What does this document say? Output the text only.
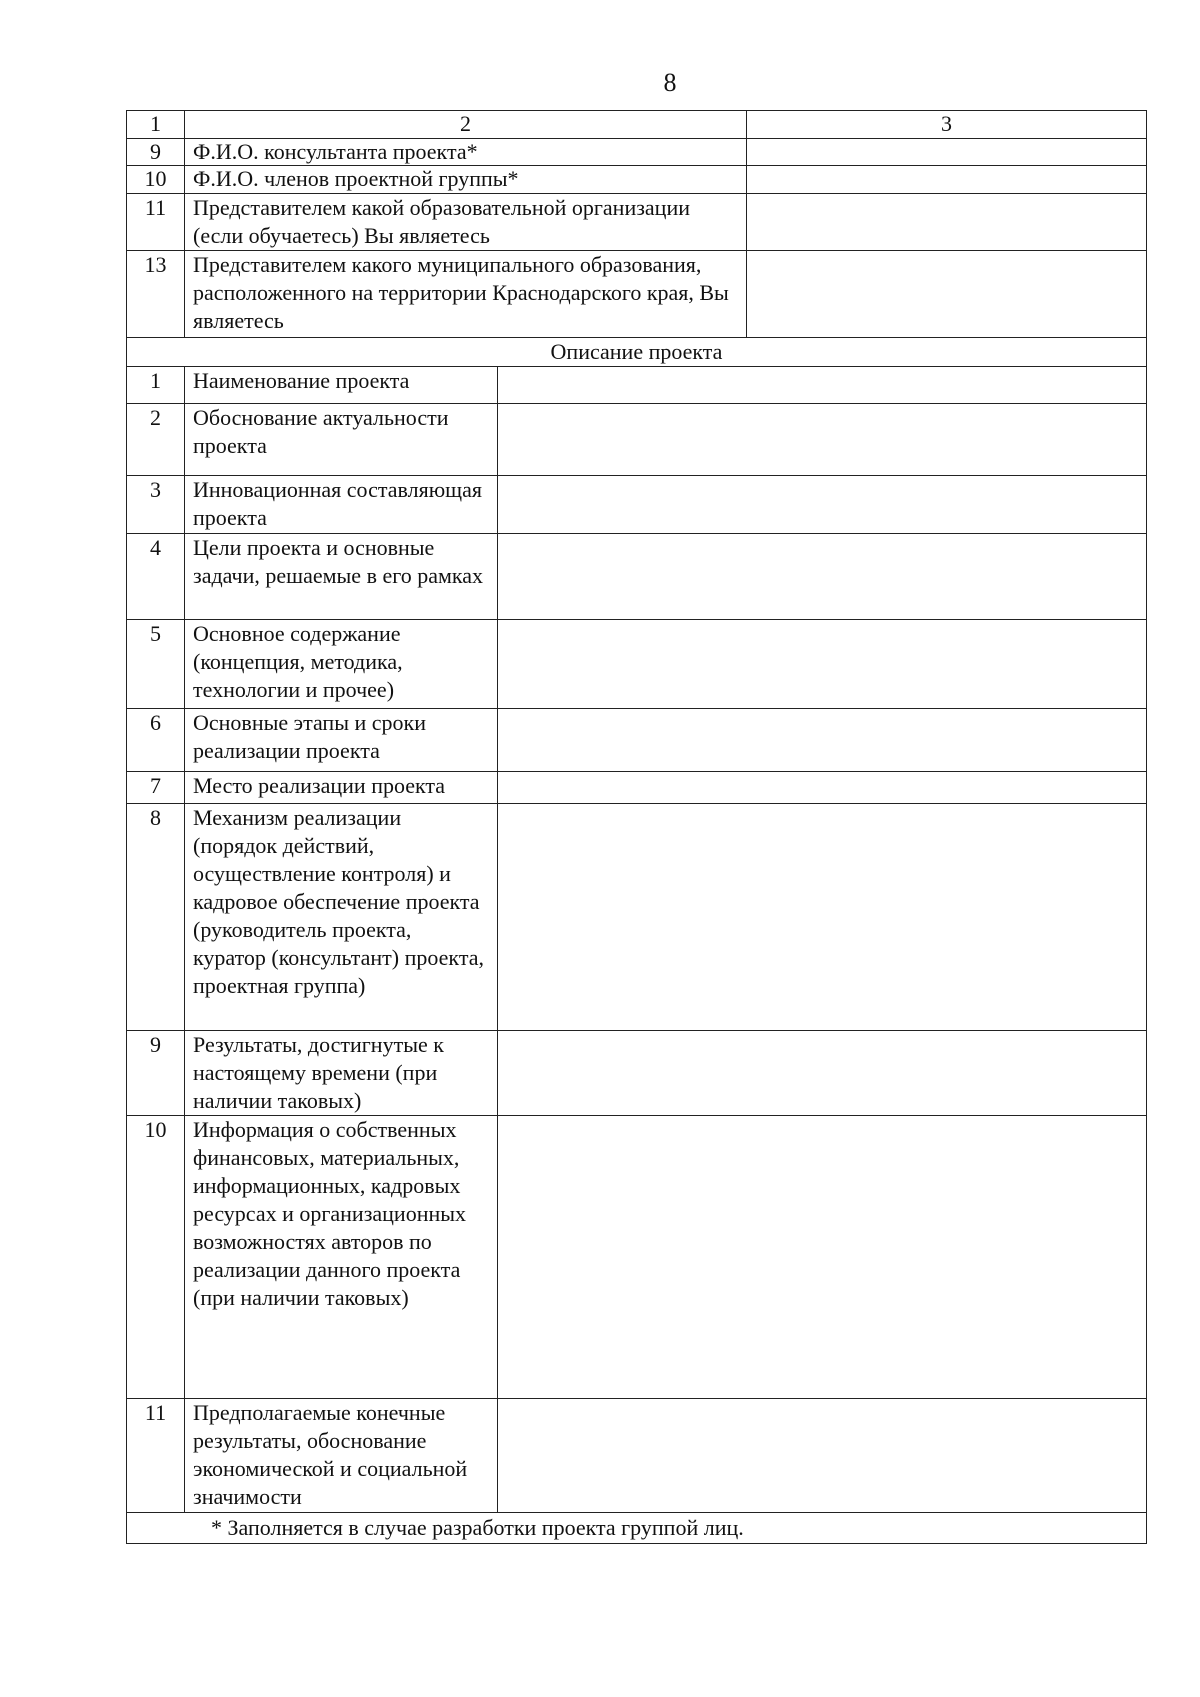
8
1	2		3
9	Ф.И.О. консультанта проекта*		
10	Ф.И.О. членов проектной группы*		
11	Представителем какой образовательной организации (если обучаетесь) Вы являетесь		
13	Представителем какого муниципального образования, расположенного на территории Краснодарского края, Вы являетесь		
Описание проекта			
1	Наименование проекта		
2	Обоснование актуальности проекта		
3	Инновационная составляющая проекта		
4	Цели проекта и основные задачи, решаемые в его рамках		
5	Основное содержание (концепция, методика, технологии и прочее)		
6	Основные этапы и сроки реализации проекта		
7	Место реализации проекта		
8	Механизм реализации (порядок действий, осуществление контроля) и кадровое обеспечение проекта (руководитель проекта, куратор (консультант) проекта, проектная группа)		
9	Результаты, достигнутые к настоящему времени (при наличии таковых)		
10	Информация о собственных финансовых, материальных, информационных, кадровых ресурсах и организационных возможностях авторов по реализации данного проекта (при наличии таковых)		
11	Предполагаемые конечные результаты, обоснование экономической и социальной значимости		
* Заполняется в случае разработки проекта группой лиц.			
